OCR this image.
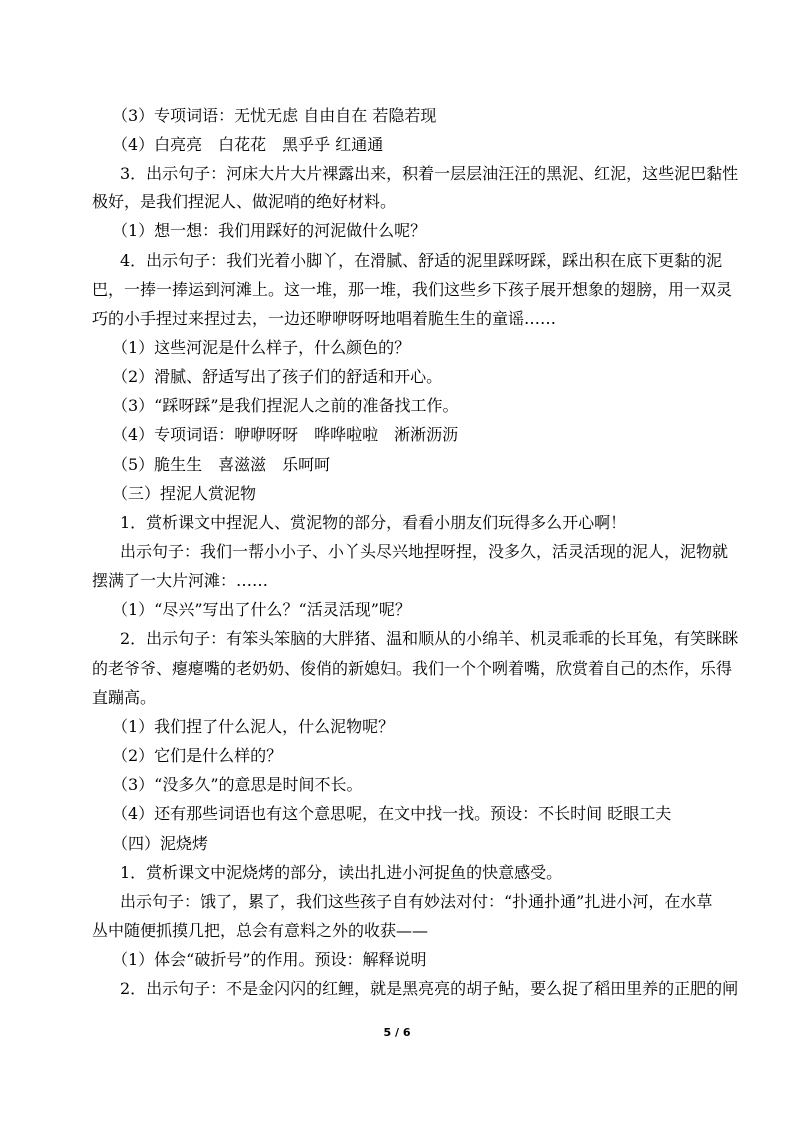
（3）专项词语：无忧无虑 自由自在 若隐若现
（4）白亮亮　白花花　黑乎乎 红通通
3．出示句子：河床大片大片裸露出来，积着一层层油汪汪的黑泥、红泥，这些泥巴黏性
极好，是我们捏泥人、做泥哨的绝好材料。
（1）想一想：我们用踩好的河泥做什么呢？
4．出示句子：我们光着小脚丫，在滑腻、舒适的泥里踩呀踩，踩出积在底下更黏的泥
巴，一捧一捧运到河滩上。这一堆，那一堆，我们这些乡下孩子展开想象的翅膀，用一双灵
巧的小手捏过来捏过去，一边还咿咿呀呀地唱着脆生生的童谣……
（1）这些河泥是什么样子，什么颜色的？
（2）滑腻、舒适写出了孩子们的舒适和开心。
（3）“踩呀踩”是我们捏泥人之前的准备找工作。
（4）专项词语：咿咿呀呀　哗哗啦啦　淅淅沥沥
（5）脆生生　喜滋滋　乐呵呵
（三）捏泥人赏泥物
1．赏析课文中捏泥人、赏泥物的部分，看看小朋友们玩得多么开心啊！
出示句子：我们一帮小小子、小丫头尽兴地捏呀捏，没多久，活灵活现的泥人，泥物就
摆满了一大片河滩：……
（1）“尽兴”写出了什么？“活灵活现”呢？
2．出示句子：有笨头笨脑的大胖猪、温和顺从的小绵羊、机灵乖乖的长耳兔，有笑眯眯
的老爷爷、瘪瘪嘴的老奶奶、俊俏的新媳妇。我们一个个咧着嘴，欣赏着自己的杰作，乐得
直蹦高。
（1）我们捏了什么泥人，什么泥物呢？
（2）它们是什么样的？
（3）“没多久”的意思是时间不长。
（4）还有那些词语也有这个意思呢，在文中找一找。预设：不长时间 眨眼工夫
（四）泥烧烤
1．赏析课文中泥烧烤的部分，读出扎进小河捉鱼的快意感受。
出示句子：饿了，累了，我们这些孩子自有妙法对付：“扑通扑通”扎进小河，在水草
丛中随便抓摸几把，总会有意料之外的收获——
（1）体会“破折号”的作用。预设：解释说明
2．出示句子：不是金闪闪的红鲤，就是黑亮亮的胡子鲇，要么捉了稻田里养的正肥的闸
5 / 6
